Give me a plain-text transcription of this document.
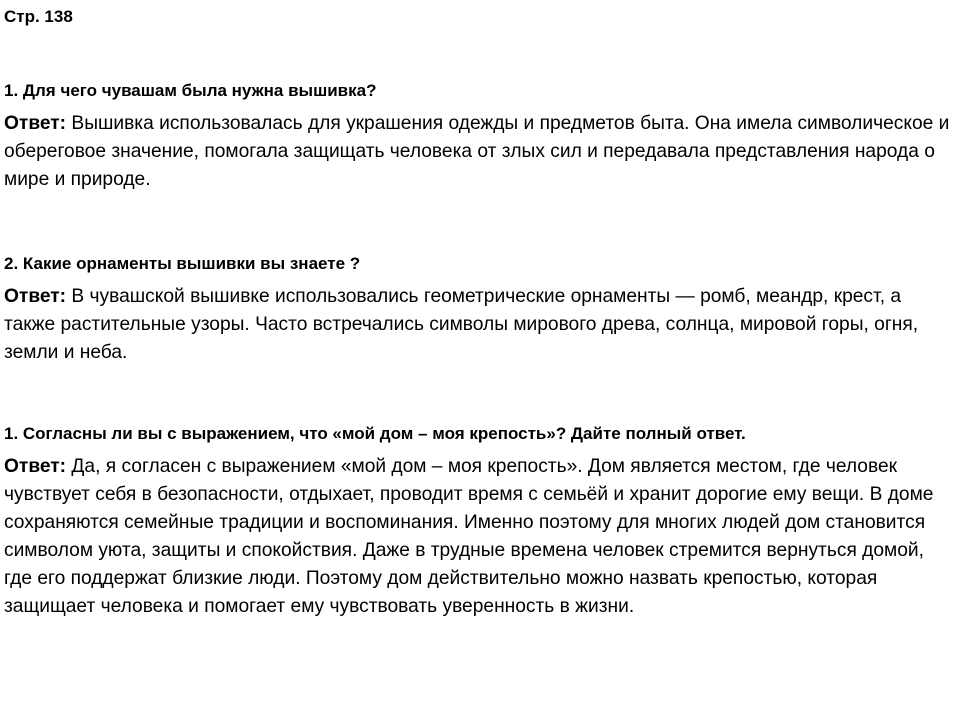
Стр. 138
1. Для чего чувашам была нужна вышивка?

Ответ: Вышивка использовалась для украшения одежды и предметов быта. Она имела символическое и обереговое значение, помогала защищать человека от злых сил и передавала представления народа о мире и природе.

2. Какие орнаменты вышивки вы знаете ?

Ответ: В чувашской вышивке использовались геометрические орнаменты — ромб, меандр, крест, а также растительные узоры. Часто встречались символы мирового древа, солнца, мировой горы, огня, земли и неба.

1. Согласны ли вы с выражением, что «мой дом – моя крепость»? Дайте полный ответ.

Ответ: Да, я согласен с выражением «мой дом – моя крепость». Дом является местом, где человек чувствует себя в безопасности, отдыхает, проводит время с семьёй и хранит дорогие ему вещи. В доме сохраняются семейные традиции и воспоминания. Именно поэтому для многих людей дом становится символом уюта, защиты и спокойствия. Даже в трудные времена человек стремится вернуться домой, где его поддержат близкие люди. Поэтому дом действительно можно назвать крепостью, которая защищает человека и помогает ему чувствовать уверенность в жизни.
